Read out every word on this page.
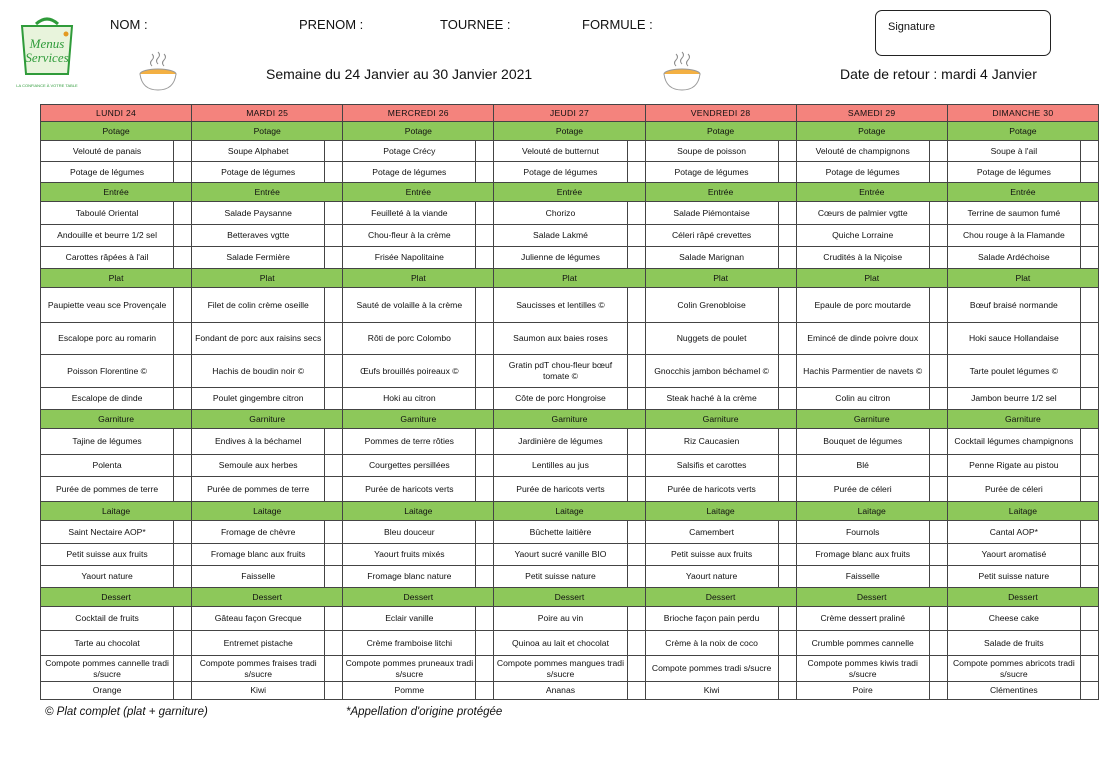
Menus
Services
LA CONFIANCE À VOTRE TABLE
NOM :	PRENOM :	TOURNEE :	FORMULE :	Signature
Semaine du 24 Janvier au 30 Janvier 2021	Date de retour : mardi 4 Janvier
LUNDI 24		MARDI 25		MERCREDI 26		JEUDI 27		VENDREDI 28		SAMEDI 29		DIMANCHE 30	
Potage		Potage		Potage		Potage		Potage		Potage		Potage	
Velouté de panais		Soupe Alphabet		Potage Crécy		Velouté de butternut		Soupe de poisson		Velouté de champignons		Soupe à l'ail	
Potage de légumes		Potage de légumes		Potage de légumes		Potage de légumes		Potage de légumes		Potage de légumes		Potage de légumes	
Entrée		Entrée		Entrée		Entrée		Entrée		Entrée		Entrée	
Taboulé Oriental		Salade Paysanne		Feuilleté à la viande		Chorizo		Salade Piémontaise		Cœurs de palmier vgtte		Terrine de saumon fumé	
Andouille et beurre 1/2 sel		Betteraves vgtte		Chou-fleur à la crème		Salade Lakmé		Céleri râpé crevettes		Quiche Lorraine		Chou rouge à la Flamande	
Carottes râpées à l'ail		Salade Fermière		Frisée Napolitaine		Julienne de légumes		Salade Marignan		Crudités à la Niçoise		Salade Ardéchoise	
Plat		Plat		Plat		Plat		Plat		Plat		Plat	
Paupiette veau sce Provençale		Filet de colin crème oseille		Sauté de volaille à la crème		Saucisses et lentilles ©		Colin Grenobloise		Epaule de porc moutarde		Bœuf braisé normande	
Escalope porc au romarin		Fondant de porc aux raisins secs		Rôti de porc Colombo		Saumon aux baies roses		Nuggets de poulet		Emincé de dinde poivre doux		Hoki sauce Hollandaise	
Poisson Florentine ©		Hachis de boudin noir ©		Œufs brouillés poireaux ©		Gratin pdT chou-fleur bœuf tomate ©		Gnocchis jambon béchamel ©		Hachis Parmentier de navets ©		Tarte poulet légumes ©	
Escalope de dinde		Poulet gingembre citron		Hoki au citron		Côte de porc Hongroise		Steak haché à la crème		Colin au citron		Jambon beurre 1/2 sel	
Garniture		Garniture		Garniture		Garniture		Garniture		Garniture		Garniture	
Tajine de légumes		Endives à la béchamel		Pommes de terre rôties		Jardinière de légumes		Riz Caucasien		Bouquet de légumes		Cocktail légumes champignons	
Polenta		Semoule aux herbes		Courgettes persillées		Lentilles au jus		Salsifis et carottes		Blé		Penne Rigate au pistou	
Purée de pommes de terre		Purée de pommes de terre		Purée de haricots verts		Purée de haricots verts		Purée de haricots verts		Purée de céleri		Purée de céleri	
Laitage		Laitage		Laitage		Laitage		Laitage		Laitage		Laitage	
Saint Nectaire AOP*		Fromage de chèvre		Bleu douceur		Bûchette laitière		Camembert		Fournols		Cantal AOP*	
Petit suisse aux fruits		Fromage blanc aux fruits		Yaourt fruits mixés		Yaourt sucré vanille BIO		Petit suisse aux fruits		Fromage blanc aux fruits		Yaourt aromatisé	
Yaourt nature		Faisselle		Fromage blanc nature		Petit suisse nature		Yaourt nature		Faisselle		Petit suisse nature	
Dessert		Dessert		Dessert		Dessert		Dessert		Dessert		Dessert	
Cocktail de fruits		Gâteau façon Grecque		Eclair vanille		Poire au vin		Brioche façon pain perdu		Crème dessert praliné		Cheese cake	
Tarte au chocolat		Entremet pistache		Crème framboise litchi		Quinoa au lait et chocolat		Crème à la noix de coco		Crumble pommes cannelle		Salade de fruits	
Compote pommes cannelle tradi s/sucre		Compote pommes fraises tradi s/sucre		Compote pommes pruneaux tradi s/sucre		Compote pommes mangues tradi s/sucre		Compote pommes tradi s/sucre		Compote pommes kiwis tradi s/sucre		Compote pommes abricots tradi s/sucre	
Orange		Kiwi		Pomme		Ananas		Kiwi		Poire		Clémentines	
© Plat complet (plat + garniture)	*Appellation d'origine protégée
